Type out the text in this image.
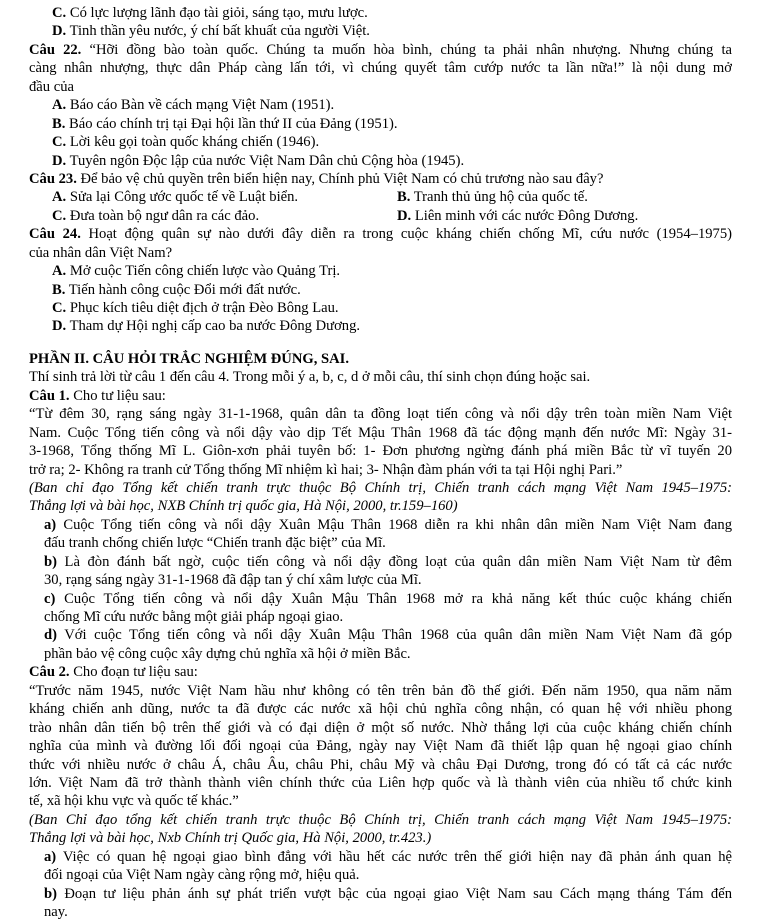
C. Có lực lượng lãnh đạo tài giỏi, sáng tạo, mưu lược.
D. Tinh thần yêu nước, ý chí bất khuất của người Việt.
Câu 22. “Hỡi đồng bào toàn quốc. Chúng ta muốn hòa bình, chúng ta phải nhân nhượng. Nhưng chúng ta
càng nhân nhượng, thực dân Pháp càng lấn tới, vì chúng quyết tâm cướp nước ta lần nữa!” là nội dung mở
đầu của
A. Báo cáo Bàn về cách mạng Việt Nam (1951).
B. Báo cáo chính trị tại Đại hội lần thứ II của Đảng (1951).
C. Lời kêu gọi toàn quốc kháng chiến (1946).
D. Tuyên ngôn Độc lập của nước Việt Nam Dân chủ Cộng hòa (1945).
Câu 23. Để bảo vệ chủ quyền trên biển hiện nay, Chính phủ Việt Nam có chủ trương nào sau đây?
A. Sửa lại Công ước quốc tế về Luật biển.	B. Tranh thủ ủng hộ của quốc tế.
C. Đưa toàn bộ ngư dân ra các đảo.	D. Liên minh với các nước Đông Dương.
Câu 24. Hoạt động quân sự nào dưới đây diễn ra trong cuộc kháng chiến chống Mĩ, cứu nước (1954–1975)
của nhân dân Việt Nam?
A. Mở cuộc Tiến công chiến lược vào Quảng Trị.
B. Tiến hành công cuộc Đổi mới đất nước.
C. Phục kích tiêu diệt địch ở trận Đèo Bông Lau.
D. Tham dự Hội nghị cấp cao ba nước Đông Dương.

PHẦN II. CÂU HỎI TRẮC NGHIỆM ĐÚNG, SAI.
Thí sinh trả lời từ câu 1 đến câu 4. Trong mỗi ý a, b, c, d ở mỗi câu, thí sinh chọn đúng hoặc sai.
Câu 1. Cho tư liệu sau:
“Từ đêm 30, rạng sáng ngày 31-1-1968, quân dân ta đồng loạt tiến công và nổi dậy trên toàn miền Nam Việt
Nam. Cuộc Tổng tiến công và nổi dậy vào dịp Tết Mậu Thân 1968 đã tác động mạnh đến nước Mĩ: Ngày 31-
3-1968, Tổng thống Mĩ L. Giôn-xơn phải tuyên bố: 1- Đơn phương ngừng đánh phá miền Bắc từ vĩ tuyến 20
trở ra; 2- Không ra tranh cử Tổng thống Mĩ nhiệm kì hai; 3- Nhận đàm phán với ta tại Hội nghị Pari.”
(Ban chỉ đạo Tổng kết chiến tranh trực thuộc Bộ Chính trị, Chiến tranh cách mạng Việt Nam 1945–1975:
Thắng lợi và bài học, NXB Chính trị quốc gia, Hà Nội, 2000, tr.159–160)
a) Cuộc Tổng tiến công và nổi dậy Xuân Mậu Thân 1968 diễn ra khi nhân dân miền Nam Việt Nam đang
đấu tranh chống chiến lược “Chiến tranh đặc biệt” của Mĩ.
b) Là đòn đánh bất ngờ, cuộc tiến công và nổi dậy đồng loạt của quân dân miền Nam Việt Nam từ đêm
30, rạng sáng ngày 31-1-1968 đã đập tan ý chí xâm lược của Mĩ.
c) Cuộc Tổng tiến công và nổi dậy Xuân Mậu Thân 1968 mở ra khả năng kết thúc cuộc kháng chiến
chống Mĩ cứu nước bằng một giải pháp ngoại giao.
d) Với cuộc Tổng tiến công và nổi dậy Xuân Mậu Thân 1968 của quân dân miền Nam Việt Nam đã góp
phần bảo vệ công cuộc xây dựng chủ nghĩa xã hội ở miền Bắc.
Câu 2. Cho đoạn tư liệu sau:
“Trước năm 1945, nước Việt Nam hầu như không có tên trên bản đồ thế giới. Đến năm 1950, qua năm năm
kháng chiến anh dũng, nước ta đã được các nước xã hội chủ nghĩa công nhận, có quan hệ với nhiều phong
trào nhân dân tiến bộ trên thế giới và có đại diện ở một số nước. Nhờ thắng lợi của cuộc kháng chiến chính
nghĩa của mình và đường lối đối ngoại của Đảng, ngày nay Việt Nam đã thiết lập quan hệ ngoại giao chính
thức với nhiều nước ở châu Á, châu Âu, châu Phi, châu Mỹ và châu Đại Dương, trong đó có tất cả các nước
lớn. Việt Nam đã trở thành thành viên chính thức của Liên hợp quốc và là thành viên của nhiều tổ chức kinh
tế, xã hội khu vực và quốc tế khác.”
(Ban Chỉ đạo tổng kết chiến tranh trực thuộc Bộ Chính trị, Chiến tranh cách mạng Việt Nam 1945–1975:
Thắng lợi và bài học, Nxb Chính trị Quốc gia, Hà Nội, 2000, tr.423.)
a) Việc có quan hệ ngoại giao bình đẳng với hầu hết các nước trên thế giới hiện nay đã phản ánh quan hệ
đối ngoại của Việt Nam ngày càng rộng mở, hiệu quả.
b) Đoạn tư liệu phản ánh sự phát triển vượt bậc của ngoại giao Việt Nam sau Cách mạng tháng Tám đến
nay.
